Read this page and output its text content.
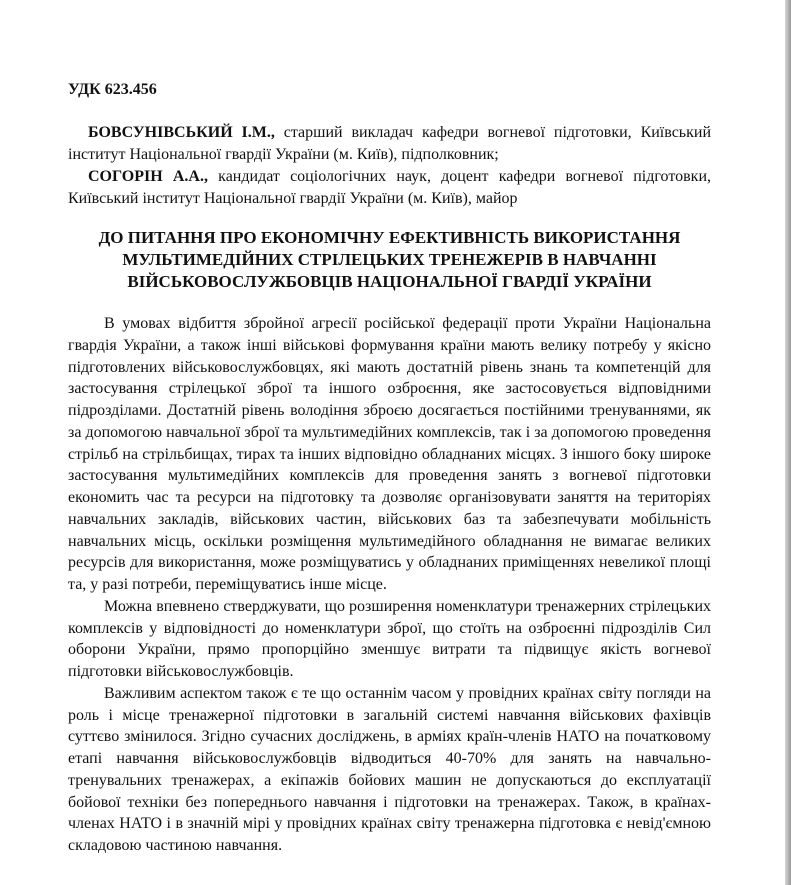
УДК 623.456

БОВСУНІВСЬКИЙ І.М., старший викладач кафедри вогневої підготовки, Київський інститут Національної гвардії України (м. Київ), підполковник;

СОГОРІН А.А., кандидат соціологічних наук, доцент кафедри вогневої підготовки, Київський інститут Національної гвардії України (м. Київ), майор

ДО ПИТАННЯ ПРО ЕКОНОМІЧНУ ЕФЕКТИВНІСТЬ ВИКОРИСТАННЯ
МУЛЬТИМЕДІЙНИХ СТРІЛЕЦЬКИХ ТРЕНЕЖЕРІВ В НАВЧАННІ
ВІЙСЬКОВОСЛУЖБОВЦІВ НАЦІОНАЛЬНОЇ ГВАРДІЇ УКРАЇНИ

В умовах відбиття збройної агресії російської федерації проти України Національна гвардія України, а також інші військові формування країни мають велику потребу у якісно підготовлених військовослужбовцях, які мають достатній рівень знань та компетенцій для застосування стрілецької зброї та іншого озброєння, яке застосовується відповідними підрозділами. Достатній рівень володіння зброєю досягається постійними тренуваннями, як за допомогою навчальної зброї та мультимедійних комплексів, так і за допомогою проведення стрільб на стрільбищах, тирах та інших відповідно обладнаних місцях. З іншого боку широке застосування мультимедійних комплексів для проведення занять з вогневої підготовки економить час та ресурси на підготовку та дозволяє організовувати заняття на територіях навчальних закладів, військових частин, військових баз та забезпечувати мобільність навчальних місць, оскільки розміщення мультимедійного обладнання не вимагає великих ресурсів для використання, може розміщуватись у обладнаних приміщеннях невеликої площі та, у разі потреби, переміщуватись інше місце.

Можна впевнено стверджувати, що розширення номенклатури тренажерних стрілецьких комплексів у відповідності до номенклатури зброї, що стоїть на озброєнні підрозділів Сил оборони України, прямо пропорційно зменшує витрати та підвищує якість вогневої підготовки військовослужбовців.

Важливим аспектом також є те що останнім часом у провідних країнах світу погляди на роль і місце тренажерної підготовки в загальній системі навчання військових фахівців суттєво змінилося. Згідно сучасних досліджень, в арміях країн-членів НАТО на початковому етапі навчання військовослужбовців відводиться 40-70% для занять на навчально-тренувальних тренажерах, а екіпажів бойових машин не допускаються до експлуатації бойової техніки без попереднього навчання і підготовки на тренажерах. Також, в країнах-членах НАТО і в значній мірі у провідних країнах світу тренажерна підготовка є невід'ємною складовою частиною навчання.
